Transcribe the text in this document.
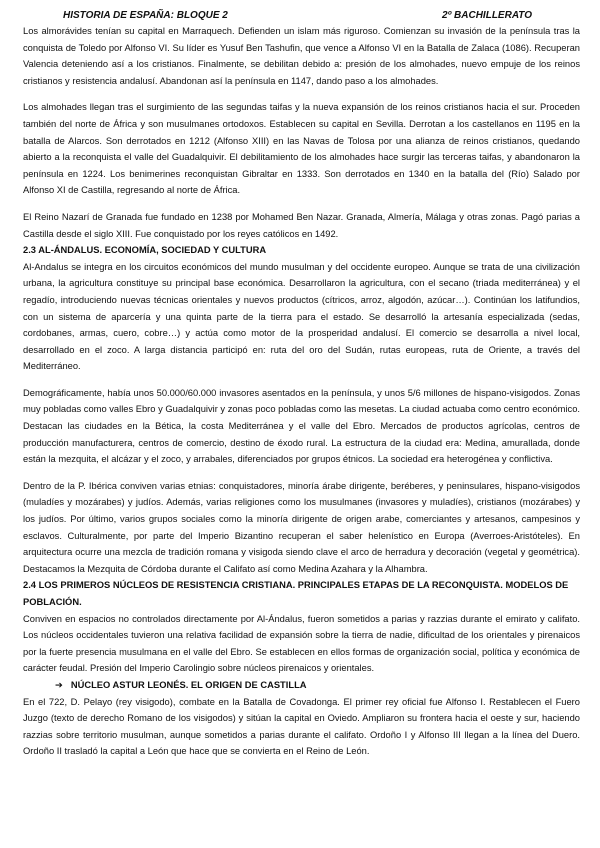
HISTORIA DE ESPAÑA: BLOQUE 2	2º BACHILLERATO

Los almorávides tenían su capital en Marraquech. Defienden un islam más riguroso. Comienzan su invasión de la península tras la conquista de Toledo por Alfonso VI. Su líder es Yusuf Ben Tashufin, que vence a Alfonso VI en la Batalla de Zalaca (1086). Recuperan Valencia deteniendo así a los cristianos. Finalmente, se debilitan debido a: presión de los almohades, nuevo empuje de los reinos cristianos y resistencia andalusí. Abandonan así la península en 1147, dando paso a los almohades.

Los almohades llegan tras el surgimiento de las segundas taifas y la nueva expansión de los reinos cristianos hacia el sur. Proceden también del norte de África y son musulmanes ortodoxos. Establecen su capital en Sevilla. Derrotan a los castellanos en 1195 en la batalla de Alarcos. Son derrotados en 1212 (Alfonso XIII) en las Navas de Tolosa por una alianza de reinos cristianos, quedando abierto a la reconquista el valle del Guadalquivir. El debilitamiento de los almohades hace surgir las terceras taifas, y abandonaron la península en 1224. Los benimerines reconquistan Gibraltar en 1333. Son derrotados en 1340 en la batalla del (Río) Salado por Alfonso XI de Castilla, regresando al norte de África.

El Reino Nazarí de Granada fue fundado en 1238 por Mohamed Ben Nazar. Granada, Almería, Málaga y otras zonas. Pagó parias a Castilla desde el siglo XIII. Fue conquistado por los reyes católicos en 1492.

2.3 AL-ÁNDALUS. ECONOMÍA, SOCIEDAD Y CULTURA

Al-Andalus se integra en los circuitos económicos del mundo musulman y del occidente europeo. Aunque se trata de una civilización urbana, la agricultura constituye su principal base económica. Desarrollaron la agricultura, con el secano (triada mediterránea) y el regadío, introduciendo nuevas técnicas orientales y nuevos productos (cítricos, arroz, algodón, azúcar…). Continúan los latifundios, con un sistema de aparcería y una quinta parte de la tierra para el estado. Se desarrolló la artesanía especializada (sedas, cordobanes, armas, cuero, cobre…) y actúa como motor de la prosperidad andalusí. El comercio se desarrolla a nivel local, desarrollado en el zoco. A larga distancia participó en: ruta del oro del Sudán, rutas europeas, ruta de Oriente, a través del Mediterráneo.

Demográficamente, había unos 50.000/60.000 invasores asentados en la península, y unos 5/6 millones de hispano-visigodos. Zonas muy pobladas como valles Ebro y Guadalquivir y zonas poco pobladas como las mesetas. La ciudad actuaba como centro económico. Destacan las ciudades en la Bética, la costa Mediterránea y el valle del Ebro. Mercados de productos agrícolas, centros de producción manufacturera, centros de comercio, destino de éxodo rural. La estructura de la ciudad era: Medina, amurallada, donde están la mezquita, el alcázar y el zoco, y arrabales, diferenciados por grupos étnicos. La sociedad era heterogénea y conflictiva.

Dentro de la P. Ibérica conviven varias etnias: conquistadores, minoría árabe dirigente, beréberes, y peninsulares, hispano-visigodos (muladíes y mozárabes) y judíos. Además, varias religiones como los musulmanes (invasores y muladíes), cristianos (mozárabes) y los judíos. Por último, varios grupos sociales como la minoría dirigente de origen arabe, comerciantes y artesanos, campesinos y esclavos. Culturalmente, por parte del Imperio Bizantino recuperan el saber helenístico en Europa (Averroes-Aristóteles). En arquitectura ocurre una mezcla de tradición romana y visigoda siendo clave el arco de herradura y decoración (vegetal y geométrica). Destacamos la Mezquita de Córdoba durante el Califato así como Medina Azahara y la Alhambra.

2.4 LOS PRIMEROS NÚCLEOS DE RESISTENCIA CRISTIANA. PRINCIPALES ETAPAS DE LA RECONQUISTA. MODELOS DE POBLACIÓN.

Conviven en espacios no controlados directamente por Al-Ándalus, fueron sometidos a parias y razzias durante el emirato y califato. Los núcleos occidentales tuvieron una relativa facilidad de expansión sobre la tierra de nadie, dificultad de los orientales y pirenaicos por la fuerte presencia musulmana en el valle del Ebro. Se establecen en ellos formas de organización social, política y económica de carácter feudal. Presión del Imperio Carolingio sobre núcleos pirenaicos y orientales.

➔ NÚCLEO ASTUR LEONÉS. EL ORIGEN DE CASTILLA

En el 722, D. Pelayo (rey visigodo), combate en la Batalla de Covadonga. El primer rey oficial fue Alfonso I. Restablecen el Fuero Juzgo (texto de derecho Romano de los visigodos) y sitúan la capital en Oviedo. Ampliaron su frontera hacia el oeste y sur, haciendo razzias sobre territorio musulman, aunque sometidos a parias durante el califato. Ordoño I y Alfonso III llegan a la línea del Duero. Ordoño II trasladó la capital a León que hace que se convierta en el Reino de León.
